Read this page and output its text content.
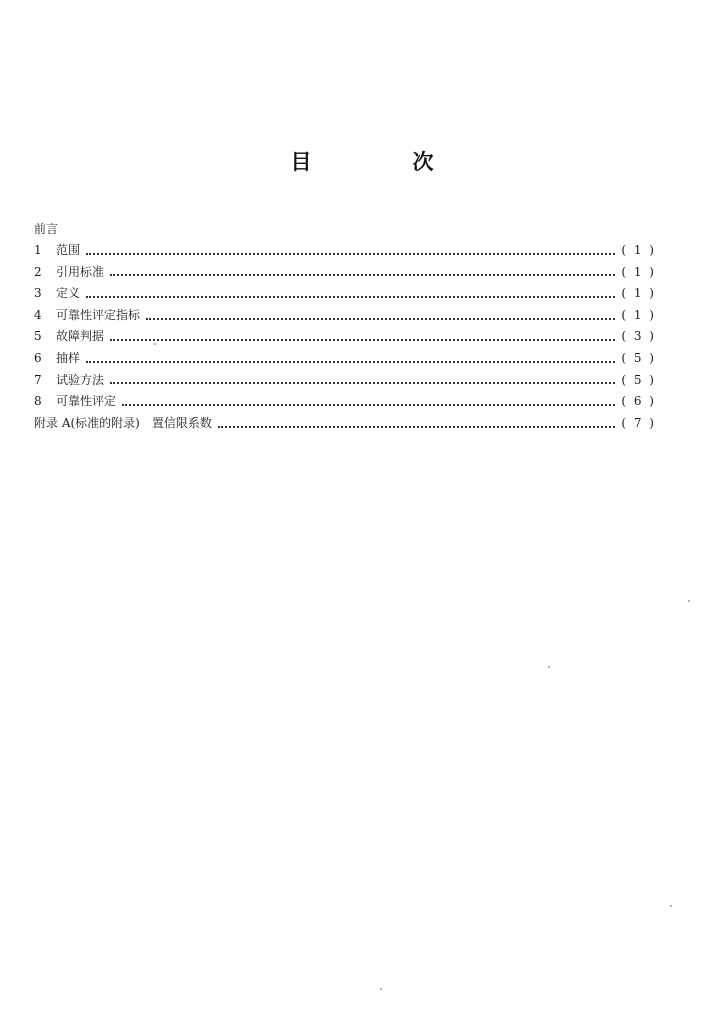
目　次
前言
1	范围	( 1 )
2	引用标准	( 1 )
3	定义	( 1 )
4	可靠性评定指标	( 1 )
5	故障判据	( 3 )
6	抽样	( 5 )
7	试验方法	( 5 )
8	可靠性评定	( 6 )
附录 A(标准的附录)　置信限系数	( 7 )
